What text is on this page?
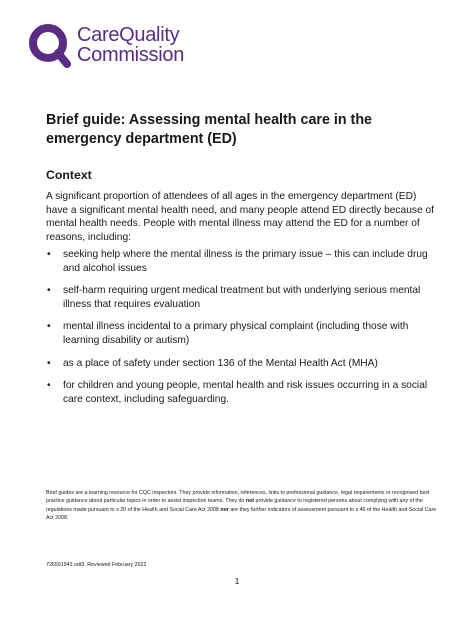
CareQuality
Commission
Brief guide: Assessing mental health care in the emergency department (ED)
Context

A significant proportion of attendees of all ages in the emergency department (ED) have a significant mental health need, and many people attend ED directly because of mental health needs. People with mental illness may attend the ED for a number of reasons, including:

• seeking help where the mental illness is the primary issue – this can include drug and alcohol issues
• self-harm requiring urgent medical treatment but with underlying serious mental illness that requires evaluation
• mental illness incidental to a primary physical complaint (including those with learning disability or autism)
• as a place of safety under section 136 of the Mental Health Act (MHA)
• for children and young people, mental health and risk issues occurring in a social care context, including safeguarding.

Brief guides are a learning resource for CQC inspectors. They provide information, references, links to professional guidance, legal requirements or recognised best practice guidance about particular topics in order to assist inspection teams. They do not provide guidance to registered persons about complying with any of the regulations made pursuant to s 20 of the Health and Social Care Act 2008 nor are they further indicators of assessment pursuant to s 46 of the Health and Social Care Act 2008.

726591943.odt3. Reviewed February 2022

1
